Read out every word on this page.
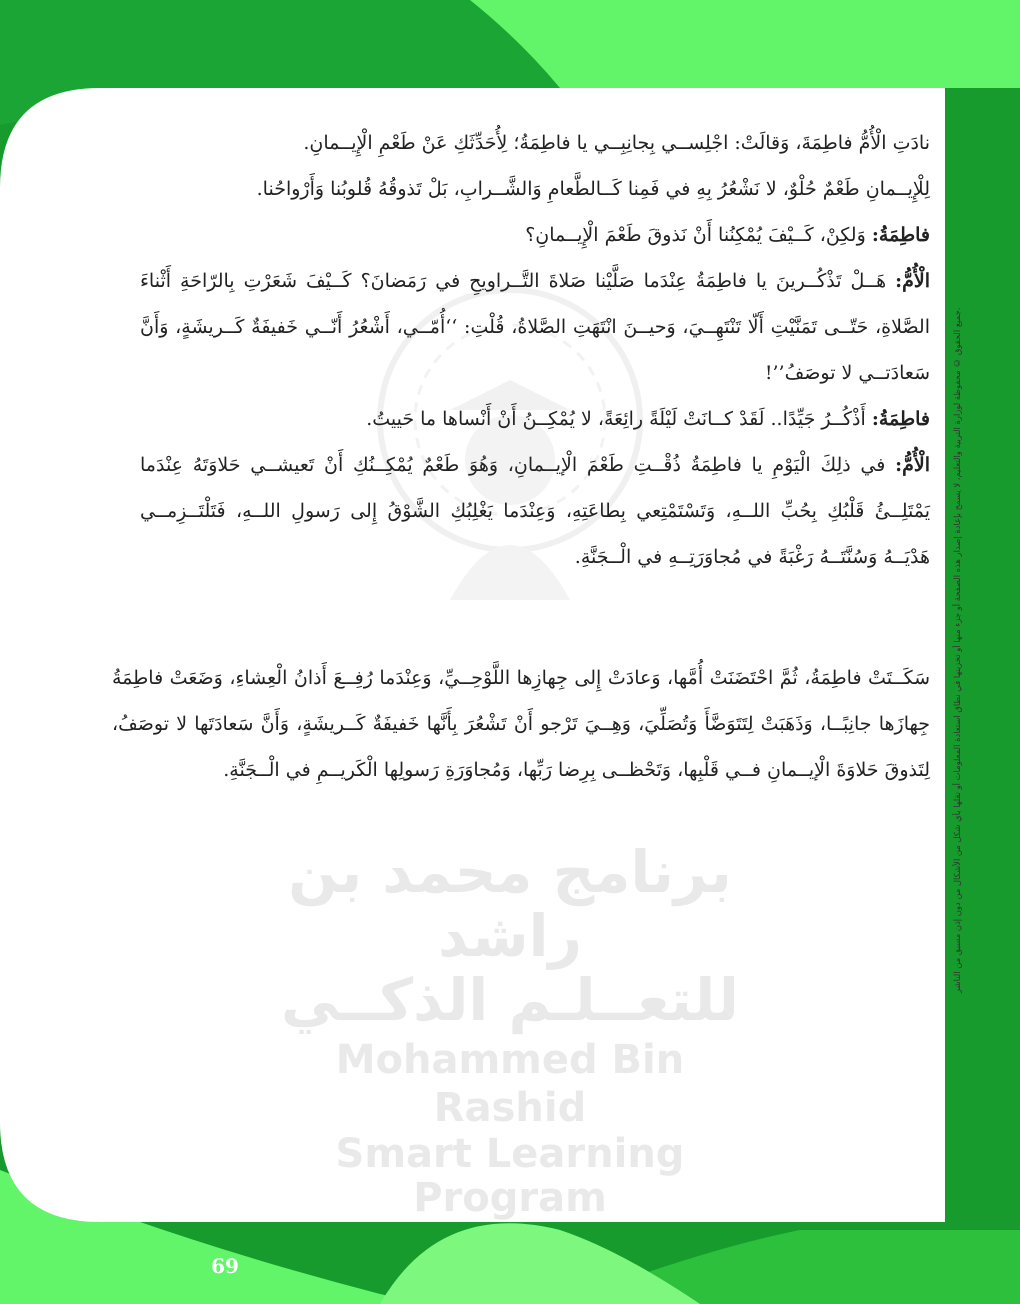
برنامج محمد بن راشد
للتعــلـم الذكــي
Mohammed Bin Rashid
Smart Learning Program

نادَتِ الْأُمُّ فاطِمَةَ، وَقالَتْ: اجْلِســي بِجانِبِــي يا فاطِمَةُ؛ لِأُحَدِّثَكِ عَنْ طَعْمِ الْإِيــمانِ.

لِلْإِيــمانِ طَعْمٌ حُلْوٌ، لا نَشْعُرُ بِهِ في فَمِنا كَــالطَّعامِ وَالشَّــرابِ، بَلْ تَذوقُهُ قُلوبُنا وَأَرْواحُنا.

فاطِمَةُ: وَلكِنْ، كَــيْفَ يُمْكِنُنا أَنْ نَذوقَ طَعْمَ الْإِيــمانِ؟

الْأُمُّ: هَــلْ تَذْكُــرينَ يا فاطِمَةُ عِنْدَما صَلَّيْنا صَلاةَ التَّــراويحِ في رَمَضانَ؟ كَــيْفَ شَعَرْتِ بِالرّاحَةِ أَثْناءَ الصَّلاةِ، حَتّــى تَمَنَّيْتِ أَلّا تَنْتَهِــيَ، وَحيــنَ انْتَهَتِ الصَّلاةُ، قُلْتِ: ‘‘أُمّــي، أَشْعُرُ أَنّــي خَفيفَةٌ كَــريشَةٍ، وَأَنَّ سَعادَتــي لا توصَفُ’’!

فاطِمَةُ: أَذْكُــرُ جَيِّدًا.. لَقَدْ كــانَتْ لَيْلَةً رائِعَةً، لا يُمْكِــنُ أَنْ أَنْساها ما حَييتُ.

الْأُمُّ: في ذلِكَ الْيَوْمِ يا فاطِمَةُ ذُقْــتِ طَعْمَ الْإيــمانِ، وَهُوَ طَعْمٌ يُمْكِــنُكِ أَنْ تَعيشــي حَلاوَتَهُ عِنْدَما يَمْتَلِــئُ قَلْبُكِ بِحُبِّ اللــهِ، وَتَسْتَمْتِعي بِطاعَتِهِ، وَعِنْدَما يَغْلِبُكِ الشَّوْقُ إِلى رَسولِ اللــهِ، فَتَلْتَــزِمــي هَدْيَــهُ وَسُنَّتَــهُ رَغْبَةً في مُجاوَرَتِــهِ في الْــجَنَّةِ.

سَكَــتَتْ فاطِمَةُ، ثُمَّ احْتَضَنَتْ أُمَّها، وَعادَتْ إِلى جِهازِها اللَّوْحِــيِّ، وَعِنْدَما رُفِــعَ أَذانُ الْعِشاءِ، وَضَعَتْ فاطِمَةُ جِهازَها جانِبًــا، وَذَهَبَتْ لِتَتَوَضَّأَ وَتُصَلِّيَ، وَهِــيَ تَرْجو أَنْ تَشْعُرَ بِأَنَّها خَفيفَةٌ كَــريشَةٍ، وَأَنَّ سَعادَتَها لا توصَفُ، لِتَذوقَ حَلاوَةَ الْإيــمانِ فــي قَلْبِها، وَتَحْظــى بِرِضا رَبِّها، وَمُجاوَرَةِ رَسولِها الْكَريــمِ في الْــجَنَّةِ.	جميع الحقوق © محفوظة لوزارة التربية والتعليم، لا يسمح بإعادة إصدار هذه الصفحة أو جزء منها أو تخزينها في نطاق استعادة المعلومات أو نقلها بأي شكل من الأشكال من دون إذن مسبق من الناشر.
69
